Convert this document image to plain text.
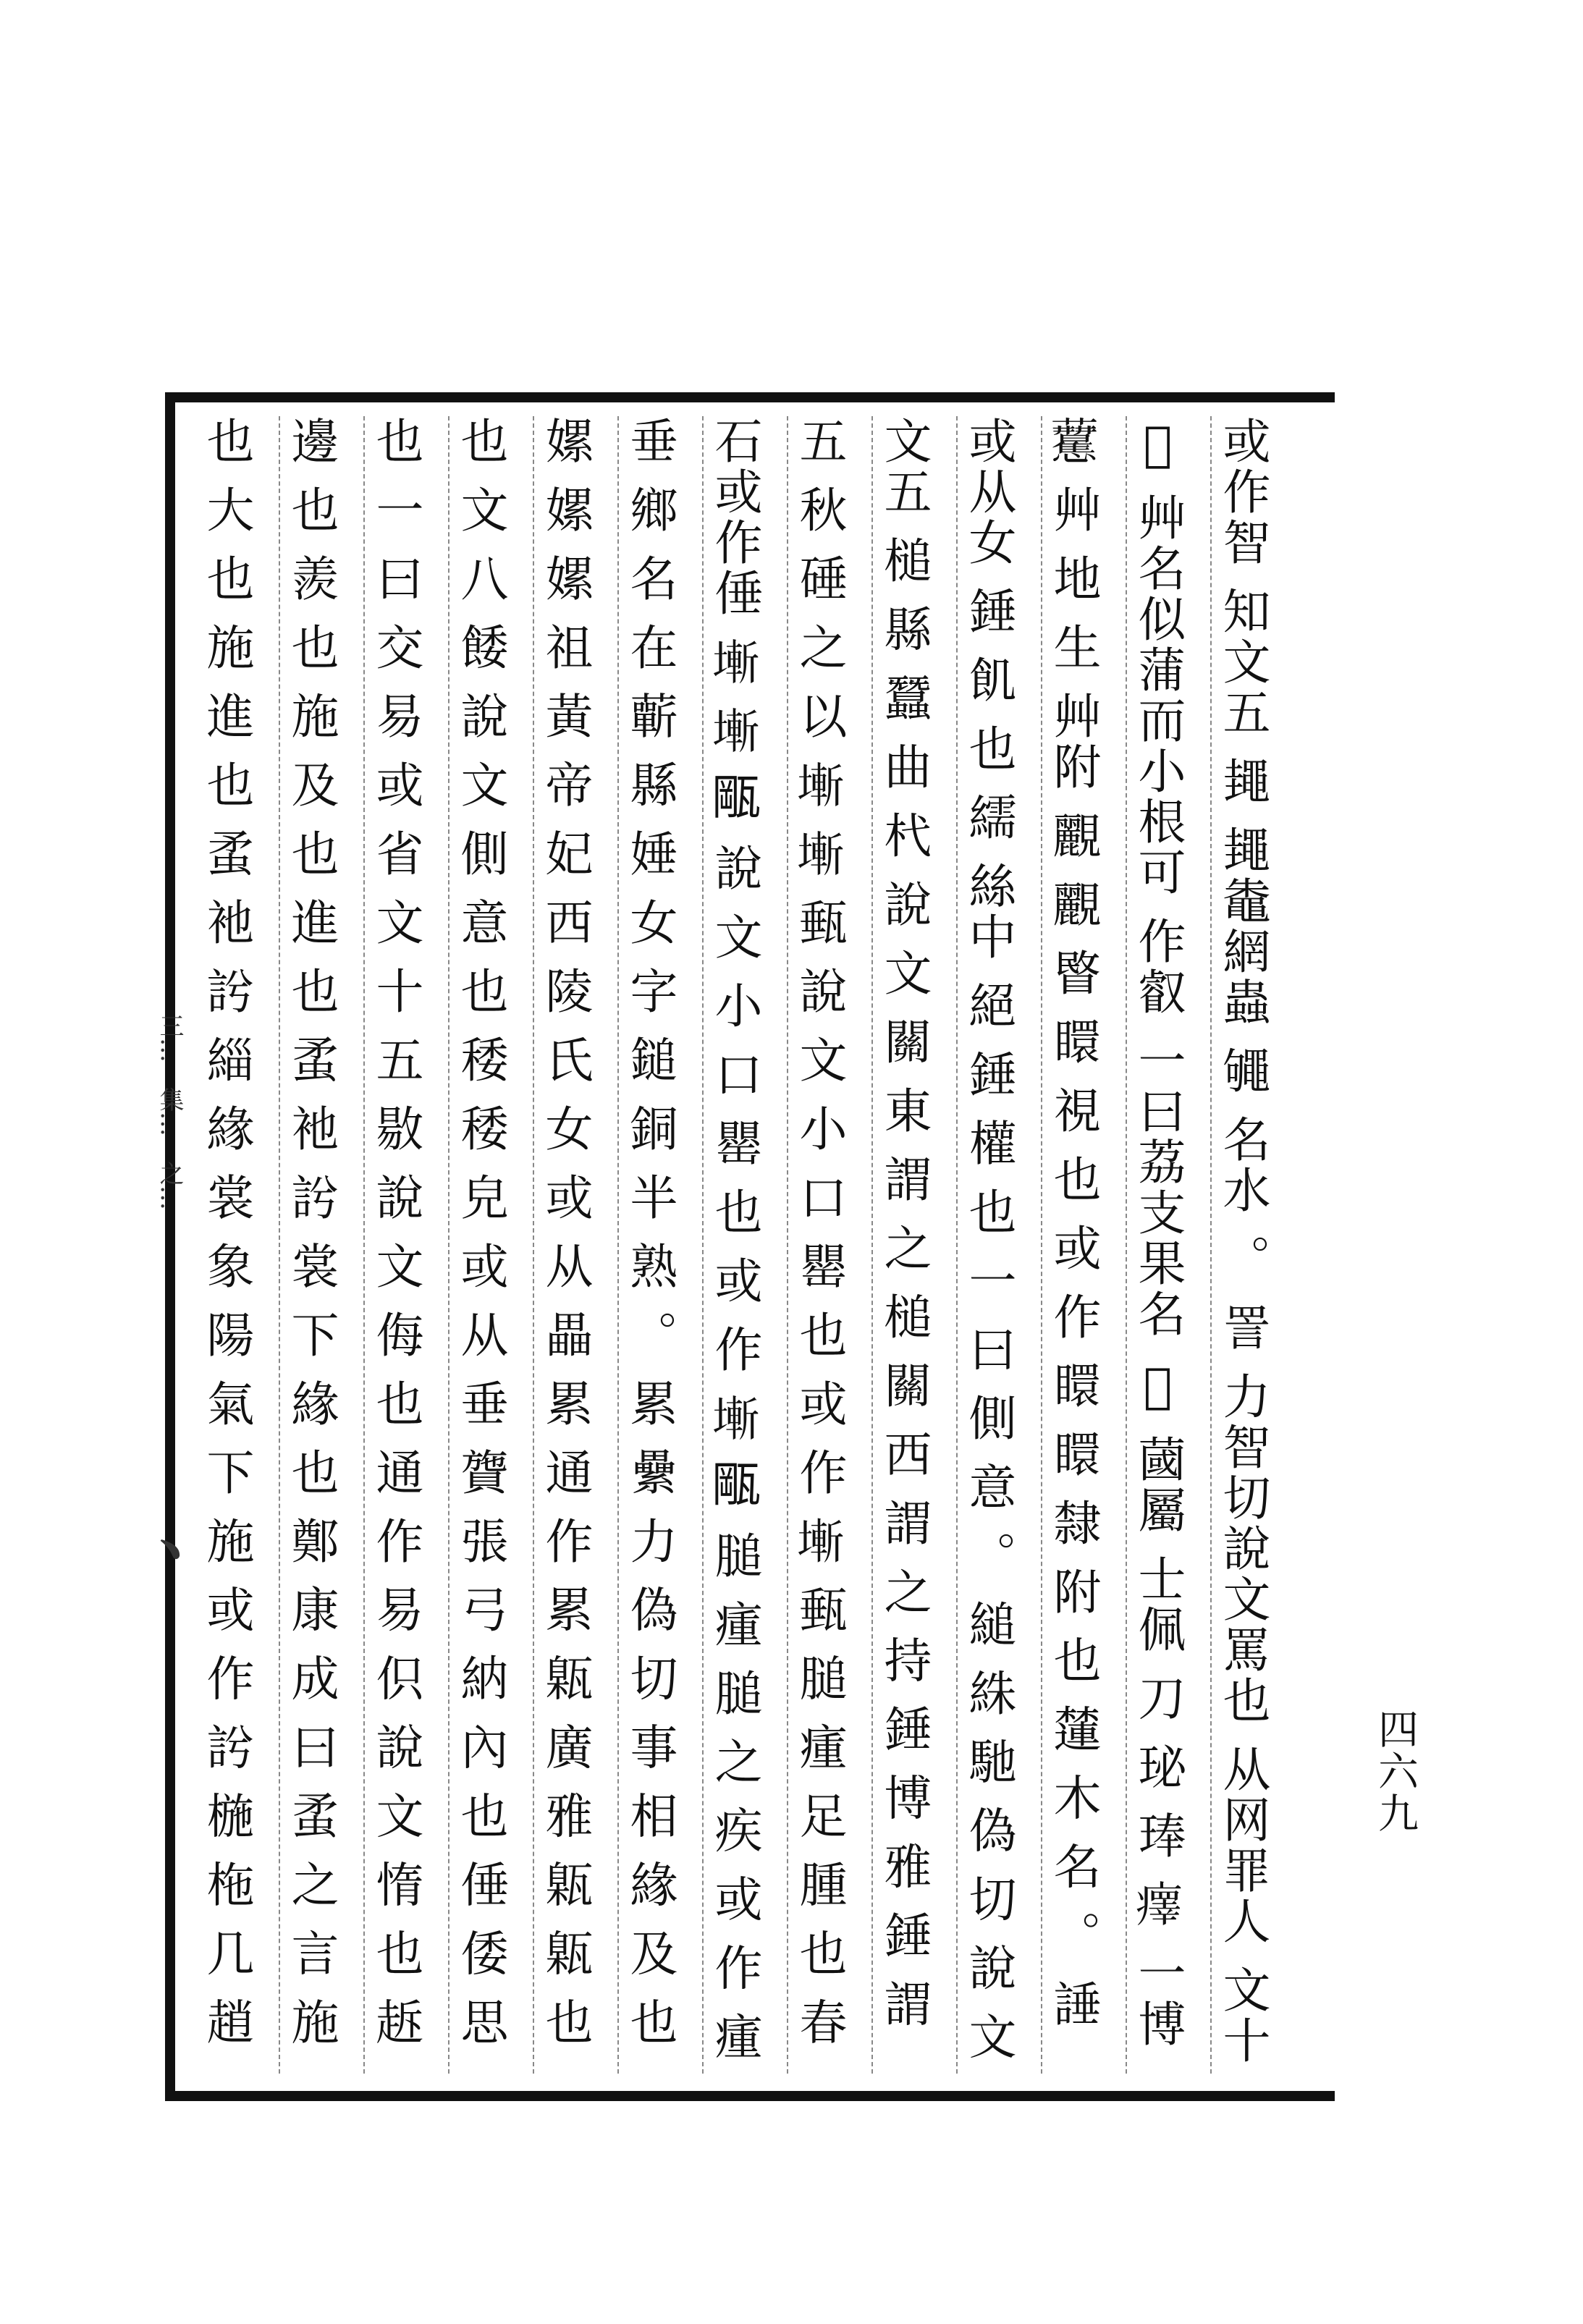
四六九
三…　集…　之…
﹅
或作智 知文五 䵷 䵷鼄網蟲 䵶 名水 。 詈 力智切說文罵也 从网罪人 文十
𦵔 艸名似蒲而小根可 作叡 一曰荔支果名 𦽱 蔮屬 士佩 刀 珌 琫 𤻂 一博
𧆒 艸 地 生 艸附 䚕 䚕 睯 䁵 視 也 或 作 䁵 䁵 隸 附 也 㰈 木 名 。 諈
或从女 錘 飢 也 繻 絲中 絕 錘 權 也 一 曰 側 意 。 縋 絑 馳 偽 切 說 文
文五 槌 縣 蠶 曲 杙 說 文 關 東 謂 之 槌 關 西 謂 之 持 錘 博 雅 錘 謂
五 秋 硾 之 以 𡐛 𡐛 甀 說 文 小 口 罌 也 或 作 𡐛 甀 膇 瘇 足 腫 也 春
石或作倕 𡐛 𡐛 𤭛 說 文 小 口 罌 也 或 作 𡐛 𤭛 膇 瘇 膇 之 疾 或 作 瘇
垂 鄉 名 在 蘄 縣 娷 女 字 鎚 銅 半 熟 。 累 纍 力 偽 切 事 相 緣 及 也
嫘 嫘 嫘 祖 黃 帝 妃 西 陵 氏 女 或 从 畾 累 通 作 累 甈 廣 雅 甈 甈 也
也 文 八 餧 說 文 側 意 也 䅗 䅗 皃 或 从 垂 䞄 張 弓 納 內 也 倕 倭 思
也 一 曰 交 易 或 省 文 十 五 敭 說 文 侮 也 通 作 易 伿 說 文 惰 也 䞣
邊 也 羨 也 施 及 也 進 也 䖥 衪 䚷 裳 下 緣 也 鄭 康 成 曰 䖥 之 言 施
也 大 也 施 進 也 䖥 衪 䚷 緇 緣 裳 象 陽 氣 下 施 或 作 䚷 椸 柂 几 趙
